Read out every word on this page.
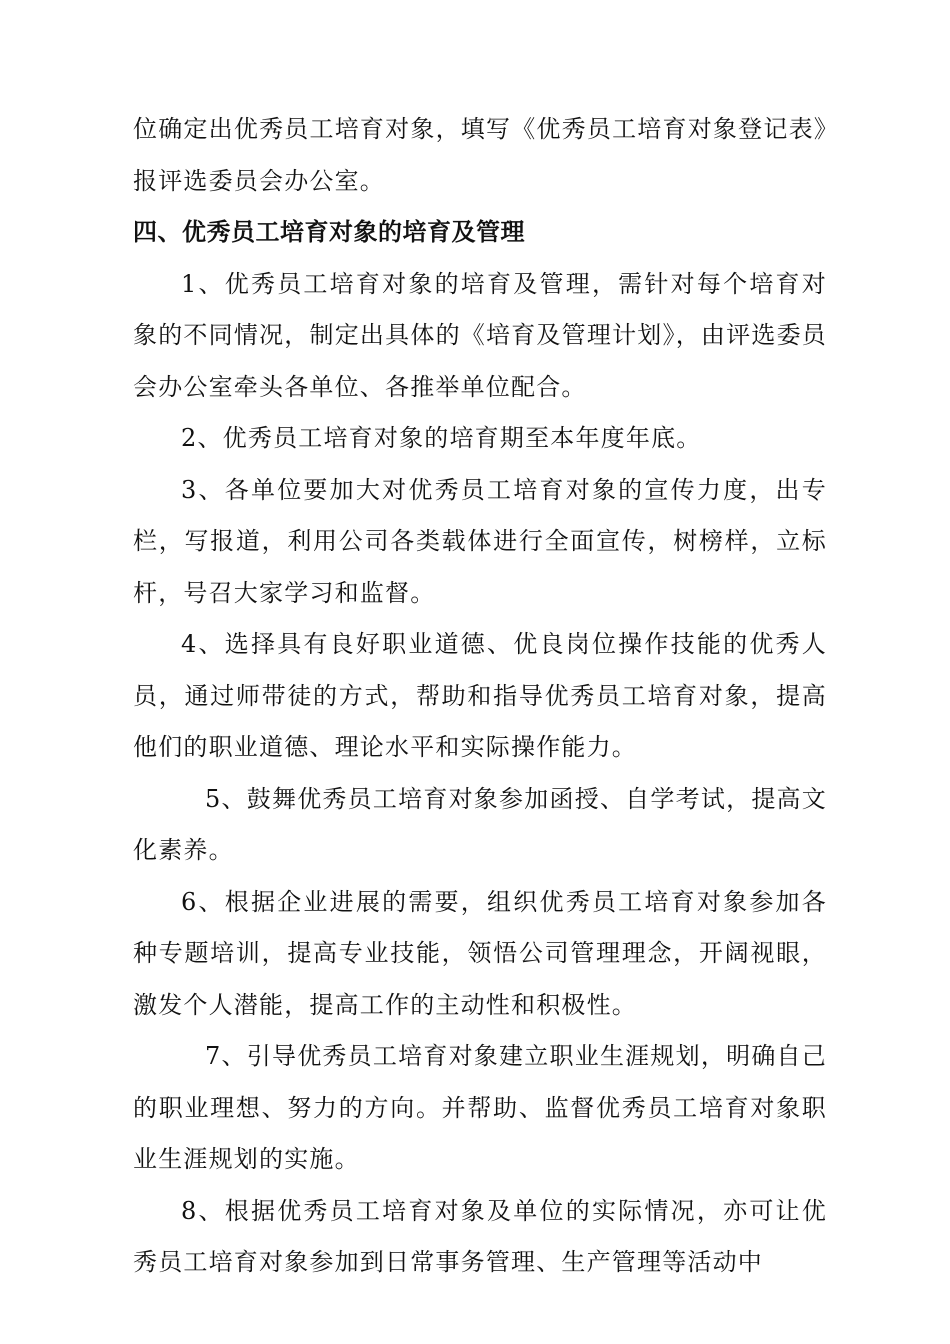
位确定出优秀员工培育对象，填写《优秀员工培育对象登记表》报评选委员会办公室。

四、优秀员工培育对象的培育及管理

1、优秀员工培育对象的培育及管理，需针对每个培育对象的不同情况，制定出具体的《培育及管理计划》，由评选委员会办公室牵头各单位、各推举单位配合。

2、优秀员工培育对象的培育期至本年度年底。

3、各单位要加大对优秀员工培育对象的宣传力度，出专栏，写报道，利用公司各类载体进行全面宣传，树榜样，立标杆，号召大家学习和监督。

4、选择具有良好职业道德、优良岗位操作技能的优秀人员，通过师带徒的方式，帮助和指导优秀员工培育对象，提高他们的职业道德、理论水平和实际操作能力。

5、鼓舞优秀员工培育对象参加函授、自学考试，提高文化素养。

6、根据企业进展的需要，组织优秀员工培育对象参加各种专题培训，提高专业技能，领悟公司管理理念，开阔视眼，激发个人潜能，提高工作的主动性和积极性。

7、引导优秀员工培育对象建立职业生涯规划，明确自己的职业理想、努力的方向。并帮助、监督优秀员工培育对象职业生涯规划的实施。

8、根据优秀员工培育对象及单位的实际情况，亦可让优秀员工培育对象参加到日常事务管理、生产管理等活动中
